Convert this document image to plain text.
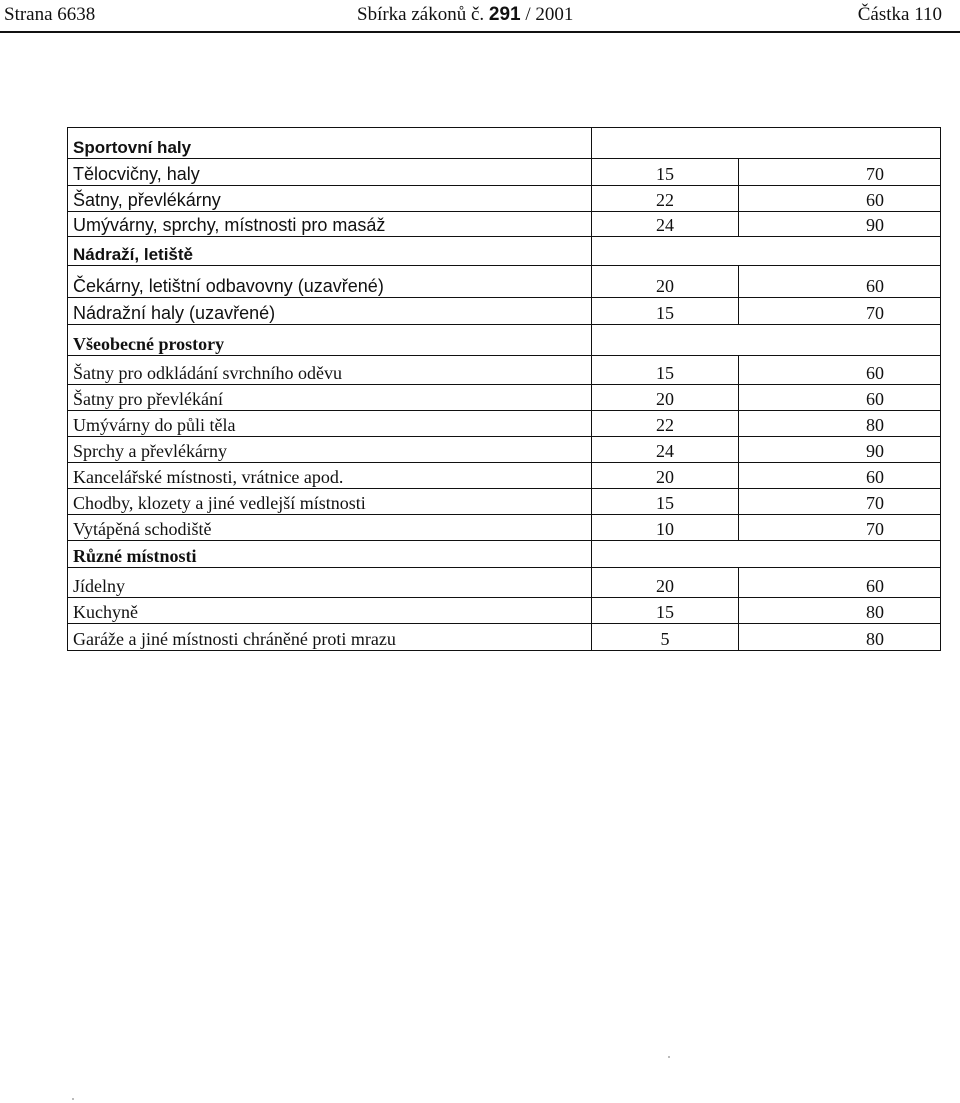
Strana 6638	Sbírka zákonů č. 291 / 2001	Částka 110
Sportovní haly		
Tělocvičny, haly	15	70
Šatny, převlékárny	22	60
Umývárny, sprchy, místnosti pro masáž	24	90
Nádraží, letiště		
Čekárny, letištní odbavovny (uzavřené)	20	60
Nádražní haly (uzavřené)	15	70
Všeobecné prostory		
Šatny pro odkládání svrchního oděvu	15	60
Šatny pro převlékání	20	60
Umývárny do půli těla	22	80
Sprchy a převlékárny	24	90
Kancelářské místnosti, vrátnice apod.	20	60
Chodby, klozety a jiné vedlejší místnosti	15	70
Vytápěná schodiště	10	70
Různé místnosti		
Jídelny	20	60
Kuchyně	15	80
Garáže a jiné místnosti chráněné proti mrazu	5	80
